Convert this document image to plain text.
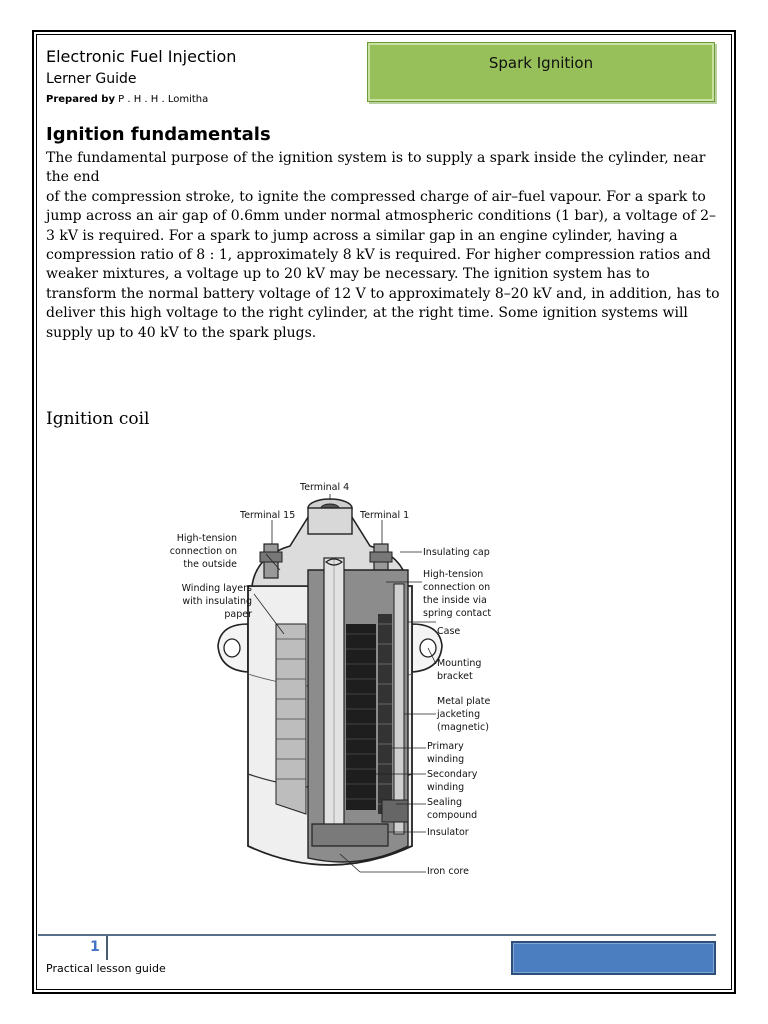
Electronic Fuel Injection
Lerner Guide
Prepared by P . H . H . Lomitha
Spark Ignition
Ignition fundamentals

The fundamental purpose of the ignition system is to supply a spark inside the cylinder, near the end

of the compression stroke, to ignite the compressed charge of air–fuel vapour. For a spark to jump across an air gap of 0.6mm under normal atmospheric conditions (1 bar), a voltage of 2–3 kV is required. For a spark to jump across a similar gap in an engine cylinder, having a compression ratio of 8 : 1, approximately 8 kV is required. For higher compression ratios and weaker mixtures, a voltage up to 20 kV may be necessary. The ignition system has to transform the normal battery voltage of 12 V to approximately 8–20 kV and, in addition, has to deliver this high voltage to the right cylinder, at the right time. Some ignition systems will supply up to 40 kV to the spark plugs.

Ignition coil
Terminal 4
Terminal 15	Terminal 1
High-tension
connection on
the outside
Winding layers
with insulating
paper
Insulating cap
High-tension
connection on
the inside via
spring contact
Case
Mounting
bracket
Metal plate
jacketing
(magnetic)
Primary
winding
Secondary
winding
Sealing
compound
Insulator
Iron core
1
Practical lesson guide
